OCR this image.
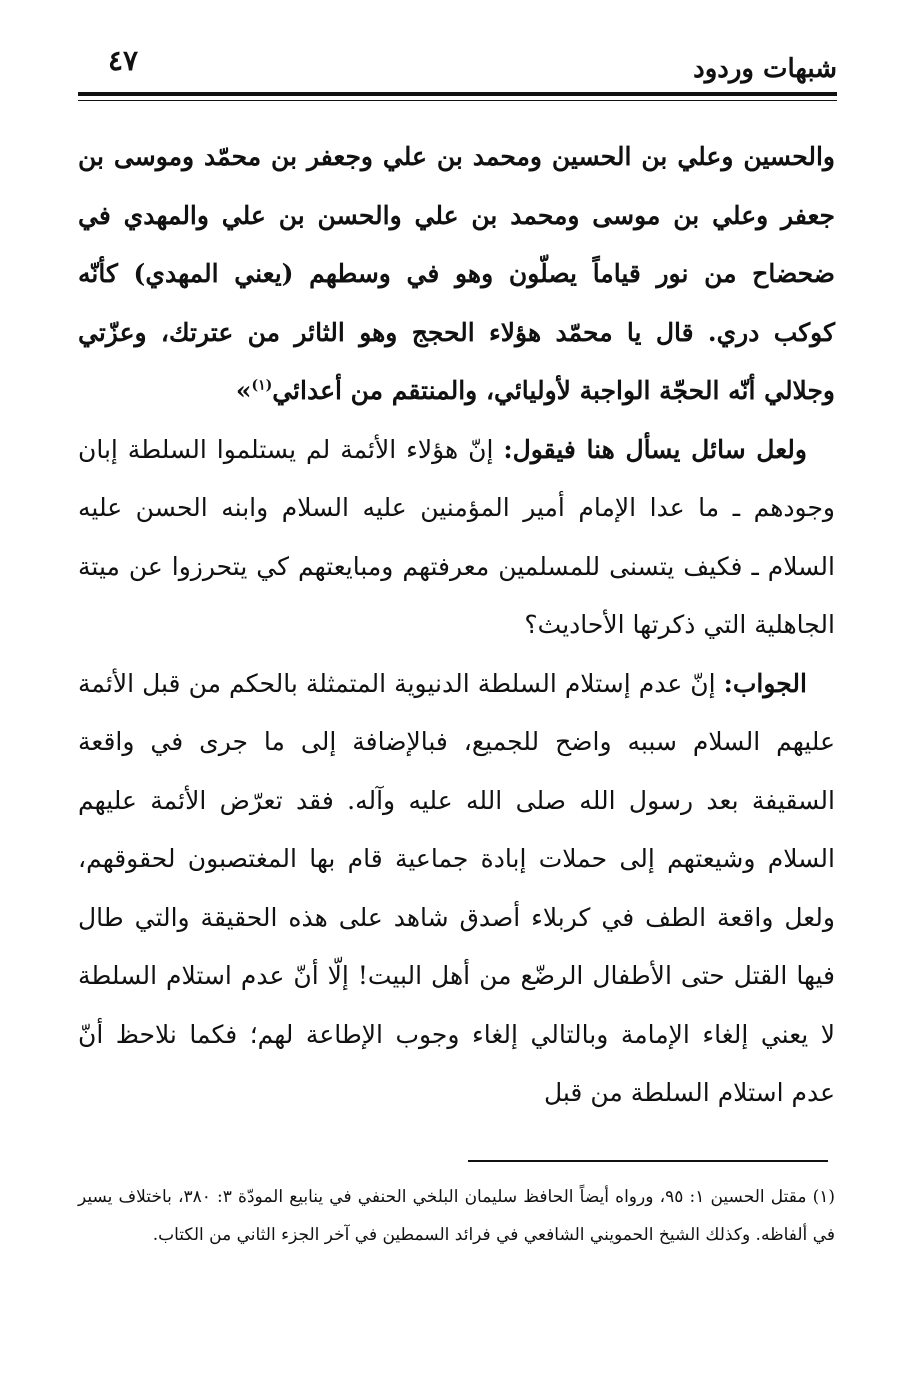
شبهات وردود
٤٧

والحسين وعلي بن الحسين ومحمد بن علي وجعفر بن محمّد وموسى بن جعفر وعلي بن موسى ومحمد بن علي والحسن بن علي والمهدي في ضحضاح من نور قياماً يصلّون وهو في وسطهم (يعني المهدي) كأنّه كوكب دري. قال يا محمّد هؤلاء الحجج وهو الثائر من عترتك، وعزّتي وجلالي أنّه الحجّة الواجبة لأوليائي، والمنتقم من أعدائي$^{(١)}$»

ولعل سائل يسأل هنا فيقول: إنّ هؤلاء الأئمة لم يستلموا السلطة إبان وجودهم ـ ما عدا الإمام أمير المؤمنين عليه السلام وابنه الحسن عليه السلام ـ فكيف يتسنى للمسلمين معرفتهم ومبايعتهم كي يتحرزوا عن ميتة الجاهلية التي ذكرتها الأحاديث؟

الجواب: إنّ عدم إستلام السلطة الدنيوية المتمثلة بالحكم من قبل الأئمة عليهم السلام سببه واضح للجميع، فبالإضافة إلى ما جرى في واقعة السقيفة بعد رسول الله صلى الله عليه وآله. فقد تعرّض الأئمة عليهم السلام وشيعتهم إلى حملات إبادة جماعية قام بها المغتصبون لحقوقهم، ولعل واقعة الطف في كربلاء أصدق شاهد على هذه الحقيقة والتي طال فيها القتل حتى الأطفال الرضّع من أهل البيت! إلّا أنّ عدم استلام السلطة لا يعني إلغاء الإمامة وبالتالي إلغاء وجوب الإطاعة لهم؛ فكما نلاحظ أنّ عدم استلام السلطة من قبل

(١) مقتل الحسين ١: ٩٥، ورواه أيضاً الحافظ سليمان البلخي الحنفي في ينابيع المودّة ٣: ٣٨٠، باختلاف يسير في ألفاظه. وكذلك الشيخ الحمويني الشافعي في فرائد السمطين في آخر الجزء الثاني من الكتاب.
